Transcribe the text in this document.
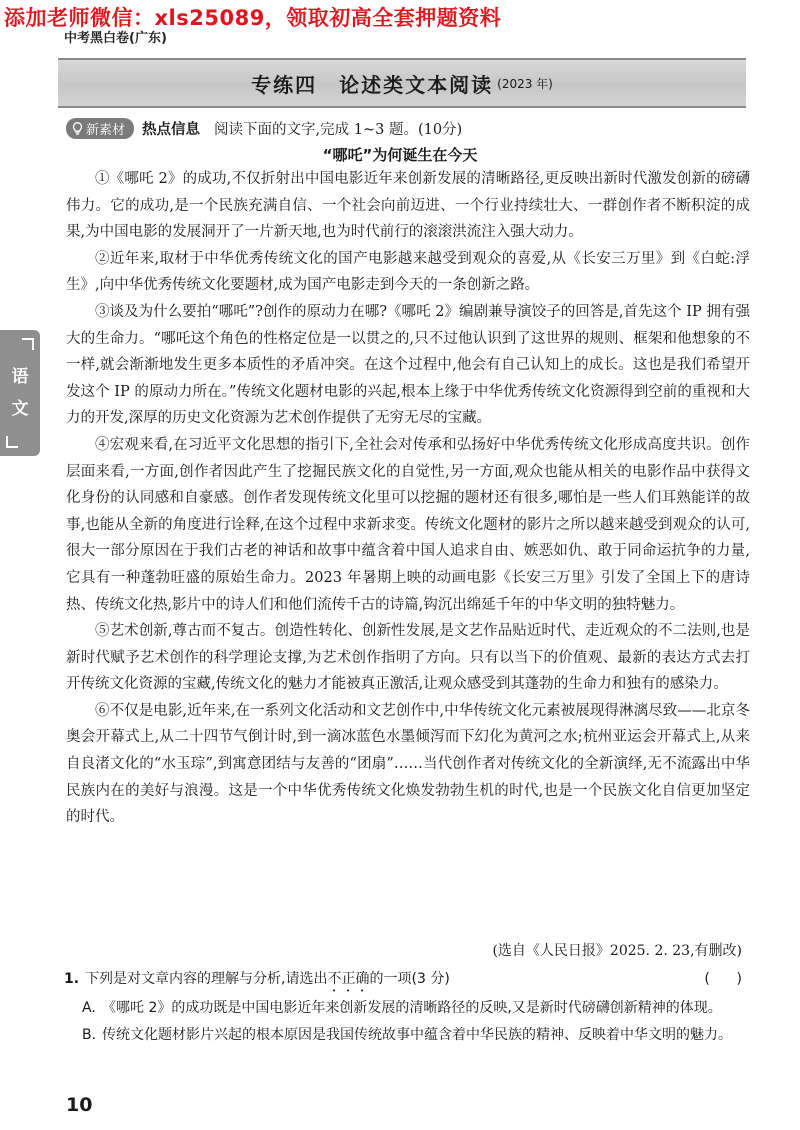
添加老师微信：xls25089，领取初高全套押题资料
中考黑白卷(广东)
专练四 论述类文本阅读 (2023 年)
语
文
新素材 热点信息 阅读下面的文字,完成 1~3 题。(10分)
“哪吒”为何诞生在今天

①《哪吒 2》的成功,不仅折射出中国电影近年来创新发展的清晰路径,更反映出新时代激发创新的磅礴伟力。它的成功,是一个民族充满自信、一个社会向前迈进、一个行业持续壮大、一群创作者不断积淀的成果,为中国电影的发展洞开了一片新天地,也为时代前行的滚滚洪流注入强大动力。

②近年来,取材于中华优秀传统文化的国产电影越来越受到观众的喜爱,从《长安三万里》到《白蛇:浮生》,向中华优秀传统文化要题材,成为国产电影走到今天的一条创新之路。

③谈及为什么要拍“哪吒”?创作的原动力在哪?《哪吒 2》编剧兼导演饺子的回答是,首先这个 IP 拥有强大的生命力。“哪吒这个角色的性格定位是一以贯之的,只不过他认识到了这世界的规则、框架和他想象的不一样,就会渐渐地发生更多本质性的矛盾冲突。在这个过程中,他会有自己认知上的成长。这也是我们希望开发这个 IP 的原动力所在。”传统文化题材电影的兴起,根本上缘于中华优秀传统文化资源得到空前的重视和大力的开发,深厚的历史文化资源为艺术创作提供了无穷无尽的宝藏。

④宏观来看,在习近平文化思想的指引下,全社会对传承和弘扬好中华优秀传统文化形成高度共识。创作层面来看,一方面,创作者因此产生了挖掘民族文化的自觉性,另一方面,观众也能从相关的电影作品中获得文化身份的认同感和自豪感。创作者发现传统文化里可以挖掘的题材还有很多,哪怕是一些人们耳熟能详的故事,也能从全新的角度进行诠释,在这个过程中求新求变。传统文化题材的影片之所以越来越受到观众的认可,很大一部分原因在于我们古老的神话和故事中蕴含着中国人追求自由、嫉恶如仇、敢于同命运抗争的力量,它具有一种蓬勃旺盛的原始生命力。2023 年暑期上映的动画电影《长安三万里》引发了全国上下的唐诗热、传统文化热,影片中的诗人们和他们流传千古的诗篇,钩沉出绵延千年的中华文明的独特魅力。

⑤艺术创新,尊古而不复古。创造性转化、创新性发展,是文艺作品贴近时代、走近观众的不二法则,也是新时代赋予艺术创作的科学理论支撑,为艺术创作指明了方向。只有以当下的价值观、最新的表达方式去打开传统文化资源的宝藏,传统文化的魅力才能被真正激活,让观众感受到其蓬勃的生命力和独有的感染力。

⑥不仅是电影,近年来,在一系列文化活动和文艺创作中,中华传统文化元素被展现得淋漓尽致——北京冬奥会开幕式上,从二十四节气倒计时,到一滴冰蓝色水墨倾泻而下幻化为黄河之水;杭州亚运会开幕式上,从来自良渚文化的“水玉琮”,到寓意团结与友善的“团扇”……当代创作者对传统文化的全新演绎,无不流露出中华民族内在的美好与浪漫。这是一个中华优秀传统文化焕发勃勃生机的时代,也是一个民族文化自信更加坚定的时代。

(选自《人民日报》2025. 2. 23,有删改)
1. 下列是对文章内容的理解与分析,请选出不正确的一项(3 分)	(      )
A. 《哪吒 2》的成功既是中国电影近年来创新发展的清晰路径的反映,又是新时代磅礴创新精神的体现。
B. 传统文化题材影片兴起的根本原因是我国传统故事中蕴含着中华民族的精神、反映着中华文明的魅力。
10
